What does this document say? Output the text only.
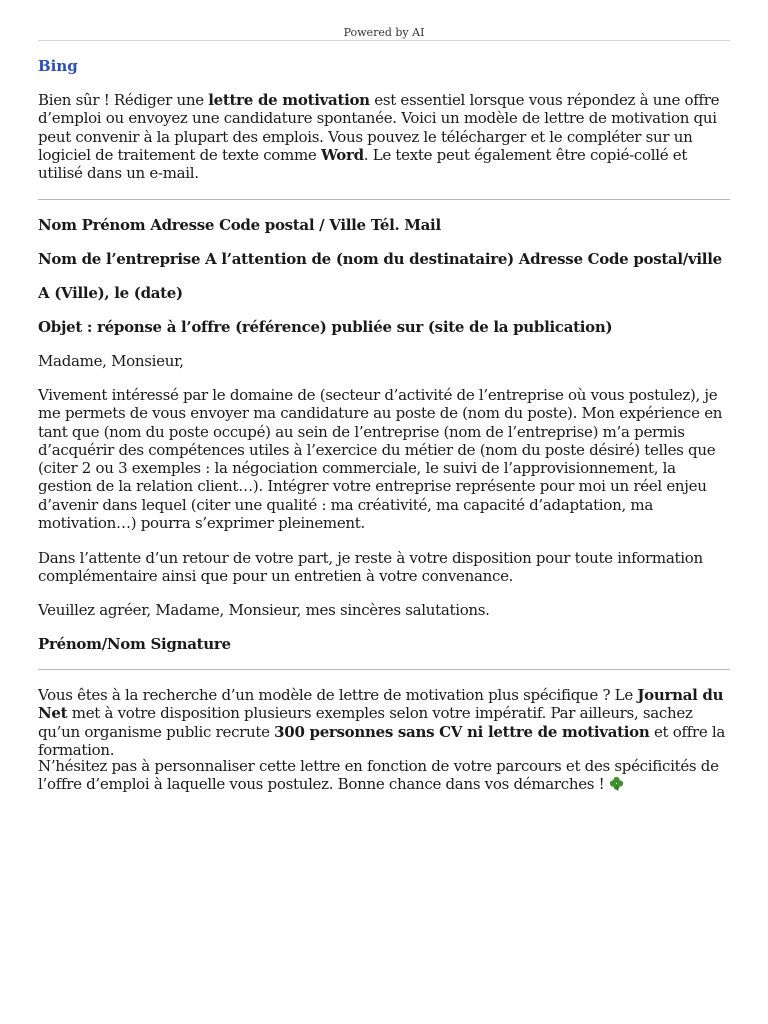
Powered by AI
Bing

Bien sûr ! Rédiger une lettre de motivation est essentiel lorsque vous répondez à une offre d’emploi ou envoyez une candidature spontanée. Voici un modèle de lettre de motivation qui peut convenir à la plupart des emplois. Vous pouvez le télécharger et le compléter sur un logiciel de traitement de texte comme Word. Le texte peut également être copié-collé et utilisé dans un e-mail.

Nom Prénom Adresse Code postal / Ville Tél. Mail

Nom de l’entreprise A l’attention de (nom du destinataire) Adresse Code postal/ville

A (Ville), le (date)

Objet : réponse à l’offre (référence) publiée sur (site de la publication)

Madame, Monsieur,

Vivement intéressé par le domaine de (secteur d’activité de l’entreprise où vous postulez), je me permets de vous envoyer ma candidature au poste de (nom du poste). Mon expérience en tant que (nom du poste occupé) au sein de l’entreprise (nom de l’entreprise) m’a permis d’acquérir des compétences utiles à l’exercice du métier de (nom du poste désiré) telles que (citer 2 ou 3 exemples : la négociation commerciale, le suivi de l’approvisionnement, la gestion de la relation client…). Intégrer votre entreprise représente pour moi un réel enjeu d’avenir dans lequel (citer une qualité : ma créativité, ma capacité d’adaptation, ma motivation…) pourra s’exprimer pleinement.

Dans l’attente d’un retour de votre part, je reste à votre disposition pour toute information complémentaire ainsi que pour un entretien à votre convenance.

Veuillez agréer, Madame, Monsieur, mes sincères salutations.

Prénom/Nom Signature

Vous êtes à la recherche d’un modèle de lettre de motivation plus spécifique ? Le Journal du Net met à votre disposition plusieurs exemples selon votre impératif. Par ailleurs, sachez qu’un organisme public recrute 300 personnes sans CV ni lettre de motivation et offre la formation.

N’hésitez pas à personnaliser cette lettre en fonction de votre parcours et des spécificités de l’offre d’emploi à laquelle vous postulez. Bonne chance dans vos démarches !
